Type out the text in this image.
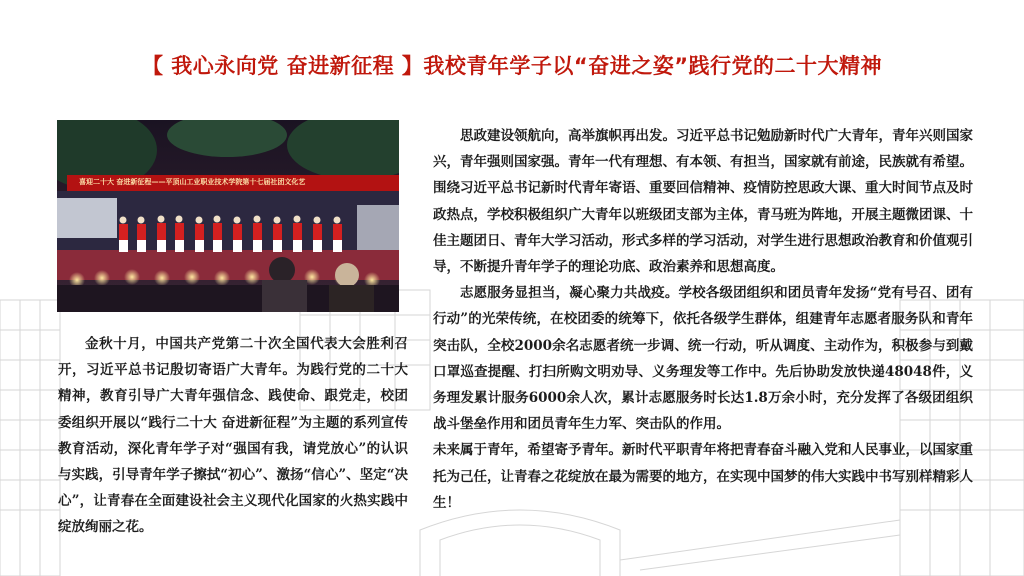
【 我心永向党 奋进新征程 】我校青年学子以“奋进之姿”践行党的二十大精神
喜迎二十大 奋进新征程——平顶山工业职业技术学院第十七届社团文化艺

金秋十月，中国共产党第二十次全国代表大会胜利召开，习近平总书记殷切寄语广大青年。为践行党的二十大精神，教育引导广大青年强信念、践使命、跟党走，校团委组织开展以“践行二十大 奋进新征程”为主题的系列宣传教育活动，深化青年学子对“强国有我，请党放心”的认识与实践，引导青年学子擦拭“初心”、激扬“信心”、坚定“决心”，让青春在全面建设社会主义现代化国家的火热实践中绽放绚丽之花。

思政建设领航向，高举旗帜再出发。习近平总书记勉励新时代广大青年，青年兴则国家兴，青年强则国家强。青年一代有理想、有本领、有担当，国家就有前途，民族就有希望。围绕习近平总书记新时代青年寄语、重要回信精神、疫情防控思政大课、重大时间节点及时政热点，学校积极组织广大青年以班级团支部为主体，青马班为阵地，开展主题微团课、十佳主题团日、青年大学习活动，形式多样的学习活动，对学生进行思想政治教育和价值观引导，不断提升青年学子的理论功底、政治素养和思想高度。

志愿服务显担当，凝心聚力共战疫。学校各级团组织和团员青年发扬“党有号召、团有行动”的光荣传统，在校团委的统筹下，依托各级学生群体，组建青年志愿者服务队和青年突击队，全校2000余名志愿者统一步调、统一行动，听从调度、主动作为，积极参与到戴口罩巡查提醒、打扫所购文明劝导、义务理发等工作中。先后协助发放快递48048件，义务理发累计服务6000余人次，累计志愿服务时长达1.8万余小时，充分发挥了各级团组织战斗堡垒作用和团员青年生力军、突击队的作用。

未来属于青年，希望寄予青年。新时代平职青年将把青春奋斗融入党和人民事业，以国家重托为己任，让青春之花绽放在最为需要的地方，在实现中国梦的伟大实践中书写别样精彩人生！
